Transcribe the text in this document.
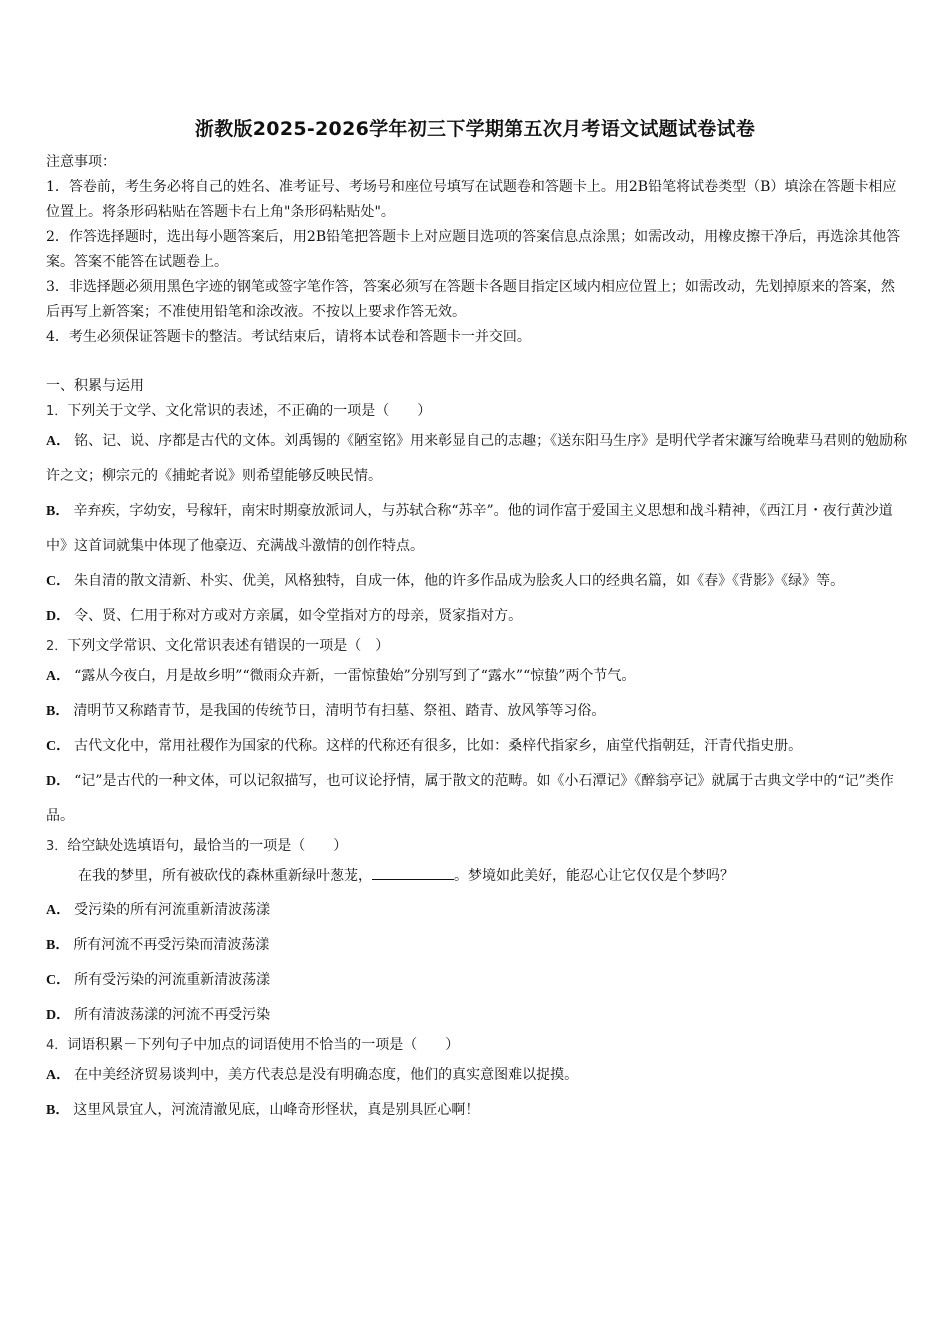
浙教版2025-2026学年初三下学期第五次月考语文试题试卷试卷

注意事项：

1．答卷前，考生务必将自己的姓名、准考证号、考场号和座位号填写在试题卷和答题卡上。用2B铅笔将试卷类型（B）填涂在答题卡相应位置上。将条形码粘贴在答题卡右上角"条形码粘贴处"。

2．作答选择题时，选出每小题答案后，用2B铅笔把答题卡上对应题目选项的答案信息点涂黑；如需改动，用橡皮擦干净后，再选涂其他答案。答案不能答在试题卷上。

3．非选择题必须用黑色字迹的钢笔或签字笔作答，答案必须写在答题卡各题目指定区域内相应位置上；如需改动，先划掉原来的答案，然后再写上新答案；不准使用铅笔和涂改液。不按以上要求作答无效。

4．考生必须保证答题卡的整洁。考试结束后，请将本试卷和答题卡一并交回。

一、积累与运用

1．下列关于文学、文化常识的表述，不正确的一项是（　　）

A． 铭、记、说、序都是古代的文体。刘禹锡的《陋室铭》用来彰显自己的志趣；《送东阳马生序》是明代学者宋濂写给晚辈马君则的勉励称许之文；柳宗元的《捕蛇者说》则希望能够反映民情。

B． 辛弃疾，字幼安，号稼轩，南宋时期豪放派词人，与苏轼合称“苏辛”。他的词作富于爱国主义思想和战斗精神，《西江月・夜行黄沙道中》这首词就集中体现了他豪迈、充满战斗激情的创作特点。

C． 朱自清的散文清新、朴实、优美，风格独特，自成一体，他的许多作品成为脍炙人口的经典名篇，如《春》《背影》《绿》等。

D． 令、贤、仁用于称对方或对方亲属，如令堂指对方的母亲，贤家指对方。

2．下列文学常识、文化常识表述有错误的一项是（　）

A． “露从今夜白，月是故乡明”“微雨众卉新，一雷惊蛰始”分别写到了“露水”“惊蛰”两个节气。

B． 清明节又称踏青节，是我国的传统节日，清明节有扫墓、祭祖、踏青、放风筝等习俗。

C． 古代文化中，常用社稷作为国家的代称。这样的代称还有很多，比如：桑梓代指家乡，庙堂代指朝廷，汗青代指史册。

D． “记”是古代的一种文体，可以记叙描写，也可议论抒情，属于散文的范畴。如《小石潭记》《醉翁亭记》就属于古典文学中的“记”类作品。

3．给空缺处选填语句，最恰当的一项是（　　）

在我的梦里，所有被砍伐的森林重新绿叶葱茏，	。梦境如此美好，能忍心让它仅仅是个梦吗？

A． 受污染的所有河流重新清波荡漾

B． 所有河流不再受污染而清波荡漾

C． 所有受污染的河流重新清波荡漾

D． 所有清波荡漾的河流不再受污染

4．词语积累－下列句子中加点的词语使用不恰当的一项是（　　）

A． 在中美经济贸易谈判中，美方代表总是没有明确态度，他们的真实意图难以捉摸。

B． 这里风景宜人，河流清澈见底，山峰奇形怪状，真是别具匠心啊！
